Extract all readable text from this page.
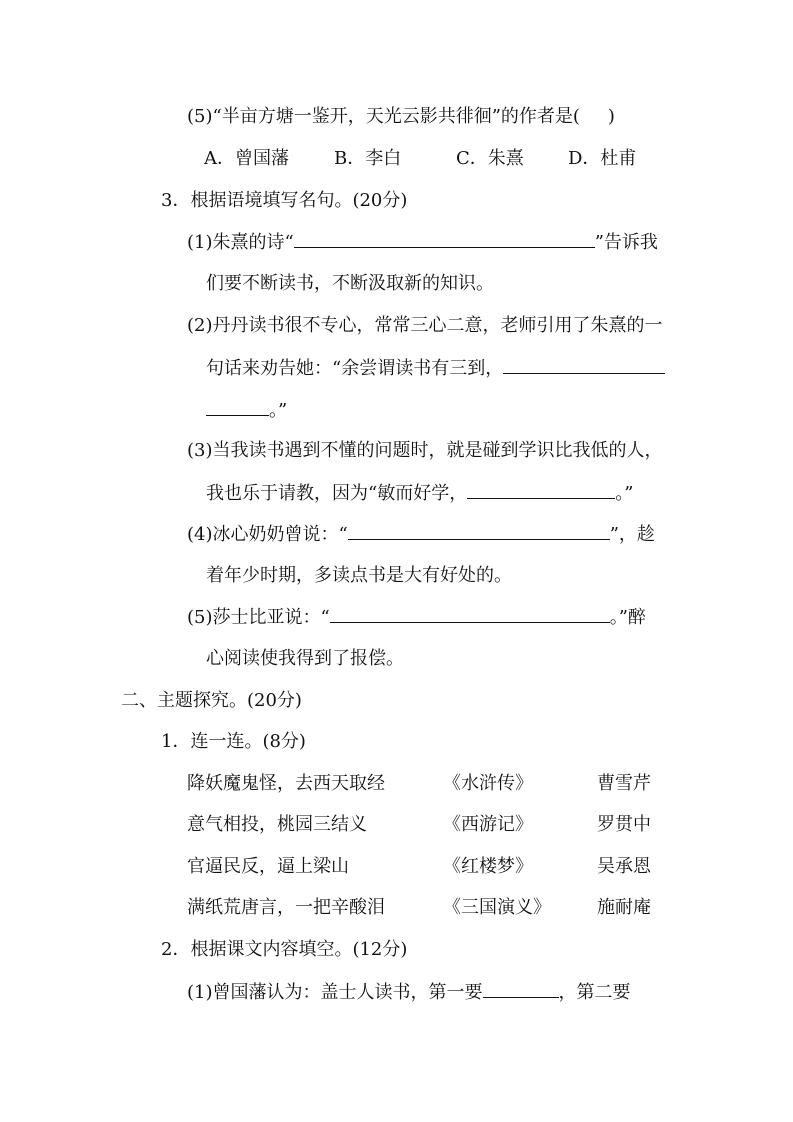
(5)“半亩方塘一鉴开，天光云影共徘徊”的作者是( )
A．曾国藩	B．李白	C．朱熹 D．杜甫
3．根据语境填写名句。(20分)
(1)朱熹的诗“	”告诉我
们要不断读书，不断汲取新的知识。
(2)丹丹读书很不专心，常常三心二意，老师引用了朱熹的一
句话来劝告她：“余尝谓读书有三到，
。”
(3)当我读书遇到不懂的问题时，就是碰到学识比我低的人，
我也乐于请教，因为“敏而好学，	。”
(4)冰心奶奶曾说：“	”，趁
着年少时期，多读点书是大有好处的。
(5)莎士比亚说：“	。”醉
心阅读使我得到了报偿。
二、主题探究。(20分)
1．连一连。(8分)
降妖魔鬼怪，去西天取经	《水浒传》	曹雪芹
意气相投，桃园三结义	《西游记》	罗贯中
官逼民反，逼上梁山	《红楼梦》	吴承恩
满纸荒唐言，一把辛酸泪	《三国演义》	施耐庵
2．根据课文内容填空。(12分)
(1)曾国藩认为：盖士人读书，第一要	，第二要
